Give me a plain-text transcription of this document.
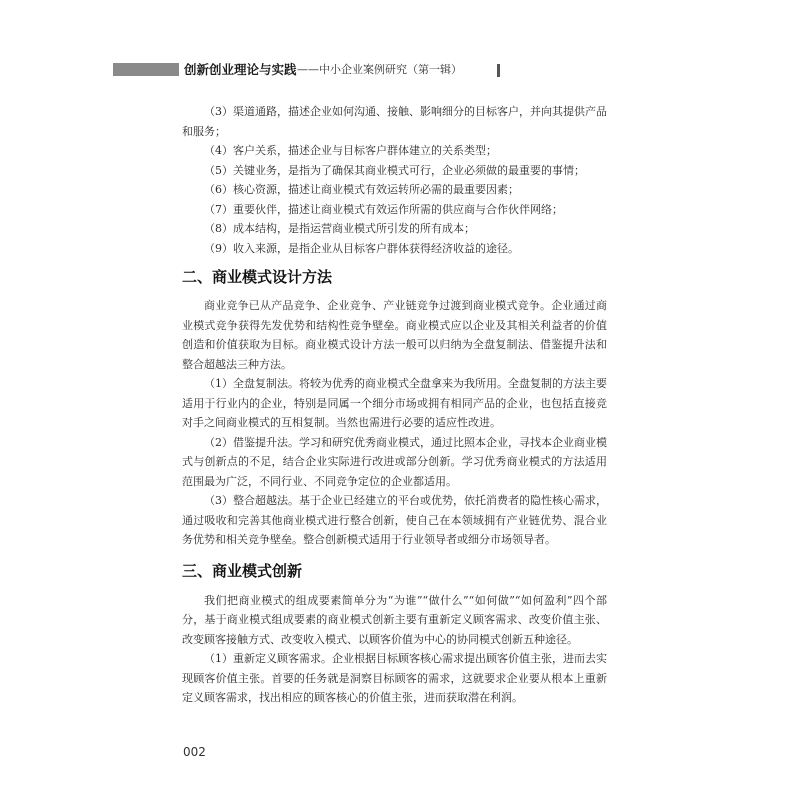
创新创业理论与实践 ——中小企业案例研究（第一辑）

（3）渠道通路，描述企业如何沟通、接触、影响细分的目标客户，并向其提供产品和服务；

（4）客户关系，描述企业与目标客户群体建立的关系类型；

（5）关键业务，是指为了确保其商业模式可行，企业必须做的最重要的事情；

（6）核心资源，描述让商业模式有效运转所必需的最重要因素；

（7）重要伙伴，描述让商业模式有效运作所需的供应商与合作伙伴网络；

（8）成本结构，是指运营商业模式所引发的所有成本；

（9）收入来源，是指企业从目标客户群体获得经济收益的途径。

二、商业模式设计方法

商业竞争已从产品竞争、企业竞争、产业链竞争过渡到商业模式竞争。企业通过商业模式竞争获得先发优势和结构性竞争壁垒。商业模式应以企业及其相关利益者的价值创造和价值获取为目标。商业模式设计方法一般可以归纳为全盘复制法、借鉴提升法和整合超越法三种方法。

（1）全盘复制法。将较为优秀的商业模式全盘拿来为我所用。全盘复制的方法主要适用于行业内的企业，特别是同属一个细分市场或拥有相同产品的企业，也包括直接竞对手之间商业模式的互相复制。当然也需进行必要的适应性改进。

（2）借鉴提升法。学习和研究优秀商业模式，通过比照本企业，寻找本企业商业模式与创新点的不足，结合企业实际进行改进或部分创新。学习优秀商业模式的方法适用范围最为广泛，不同行业、不同竞争定位的企业都适用。

（3）整合超越法。基于企业已经建立的平台或优势，依托消费者的隐性核心需求，通过吸收和完善其他商业模式进行整合创新，使自己在本领域拥有产业链优势、混合业务优势和相关竞争壁垒。整合创新模式适用于行业领导者或细分市场领导者。

三、商业模式创新

我们把商业模式的组成要素简单分为“为谁”“做什么”“如何做”“如何盈利”四个部分，基于商业模式组成要素的商业模式创新主要有重新定义顾客需求、改变价值主张、改变顾客接触方式、改变收入模式、以顾客价值为中心的协同模式创新五种途径。

（1）重新定义顾客需求。企业根据目标顾客核心需求提出顾客价值主张，进而去实现顾客价值主张。首要的任务就是洞察目标顾客的需求，这就要求企业要从根本上重新定义顾客需求，找出相应的顾客核心的价值主张，进而获取潜在利润。

002
